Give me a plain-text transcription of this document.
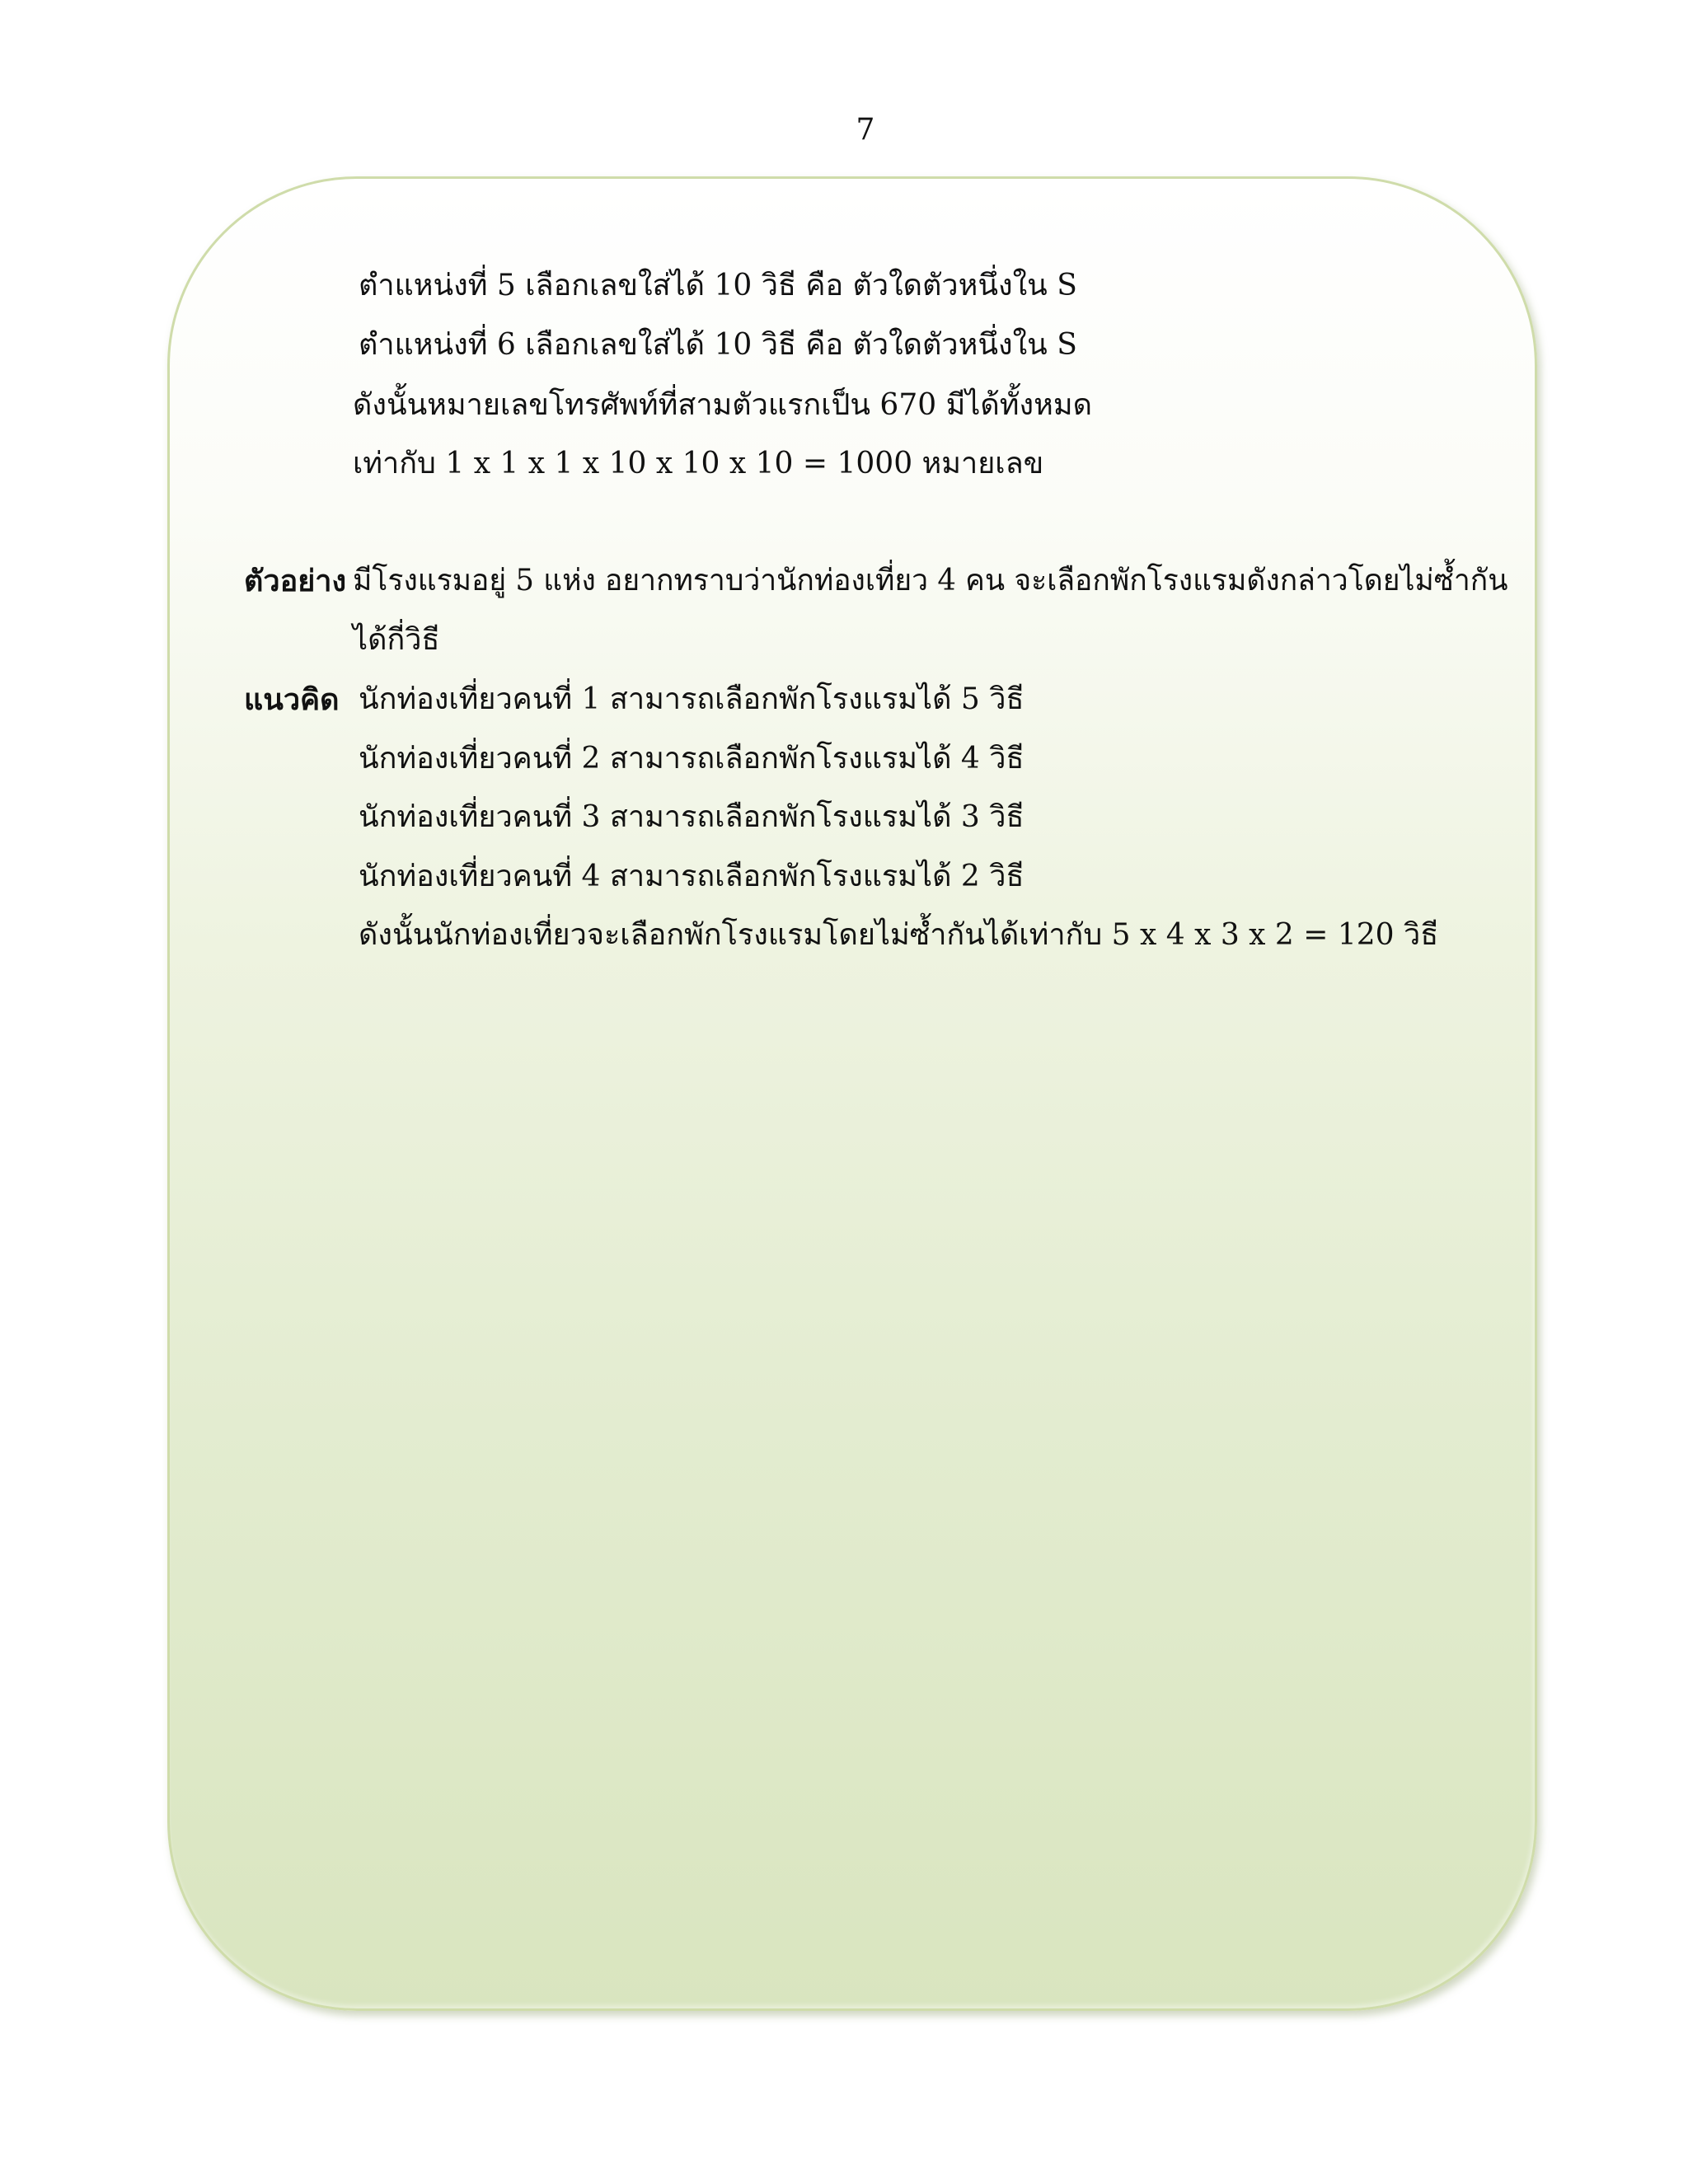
7
ตำแหน่งที่ 5 เลือกเลขใส่ได้ 10 วิธี คือ ตัวใดตัวหนึ่งใน S
ตำแหน่งที่ 6 เลือกเลขใส่ได้ 10 วิธี คือ ตัวใดตัวหนึ่งใน S
ดังนั้นหมายเลขโทรศัพท์ที่สามตัวแรกเป็น 670 มีได้ทั้งหมด
เท่ากับ 1 x 1 x 1 x 10 x 10 x 10 = 1000 หมายเลข
ตัวอย่าง มีโรงแรมอยู่ 5 แห่ง อยากทราบว่านักท่องเที่ยว 4 คน จะเลือกพักโรงแรมดังกล่าวโดยไม่ซ้ำกัน
ได้กี่วิธี
แนวคิด นักท่องเที่ยวคนที่ 1 สามารถเลือกพักโรงแรมได้ 5 วิธี
นักท่องเที่ยวคนที่ 2 สามารถเลือกพักโรงแรมได้ 4 วิธี
นักท่องเที่ยวคนที่ 3 สามารถเลือกพักโรงแรมได้ 3 วิธี
นักท่องเที่ยวคนที่ 4 สามารถเลือกพักโรงแรมได้ 2 วิธี
ดังนั้นนักท่องเที่ยวจะเลือกพักโรงแรมโดยไม่ซ้ำกันได้เท่ากับ 5 x 4 x 3 x 2 = 120 วิธี
